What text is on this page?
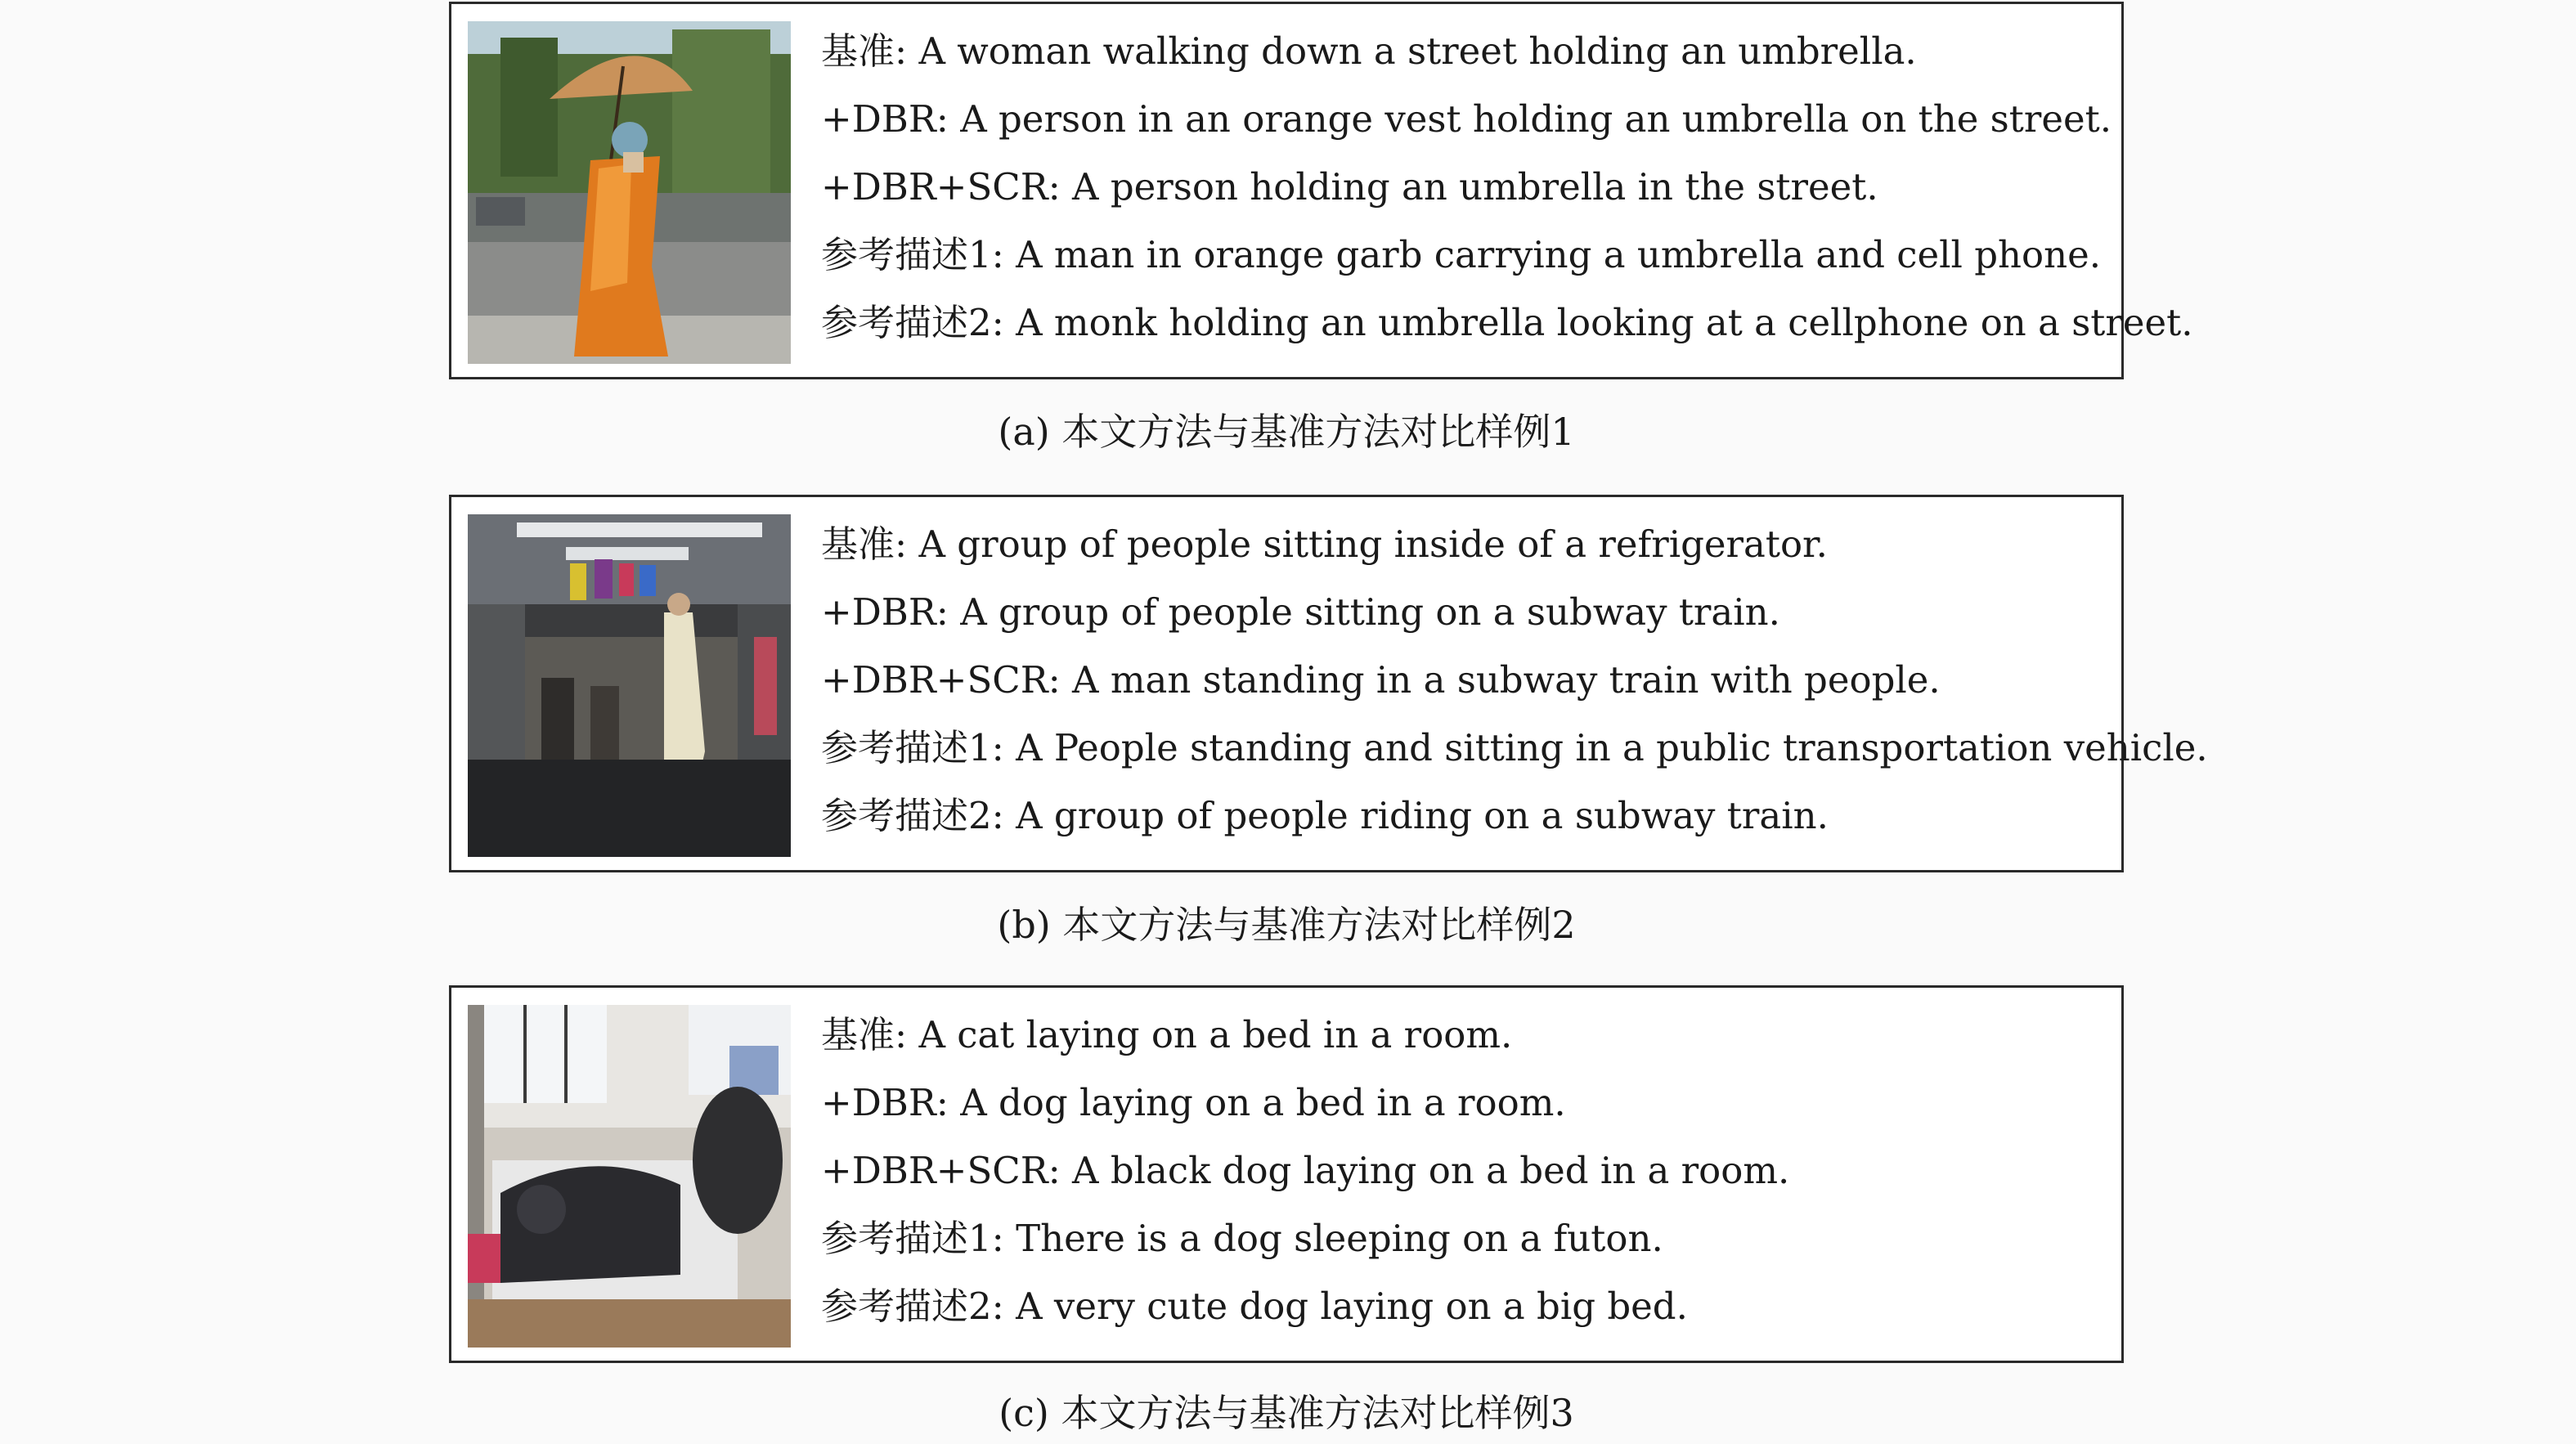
基准: A woman walking down a street holding an umbrella.
+DBR: A person in an orange vest holding an umbrella on the street.
+DBR+SCR: A person holding an umbrella in the street.
参考描述1: A man in orange garb carrying a umbrella and cell phone.
参考描述2: A monk holding an umbrella looking at a cellphone on a street.
(a) 本文方法与基准方法对比样例1
基准: A group of people sitting inside of a refrigerator.
+DBR: A group of people sitting on a subway train.
+DBR+SCR: A man standing in a subway train with people.
参考描述1: A People standing and sitting in a public transportation vehicle.
参考描述2: A group of people riding on a subway train.
(b) 本文方法与基准方法对比样例2
基准: A cat laying on a bed in a room.
+DBR: A dog laying on a bed in a room.
+DBR+SCR: A black dog laying on a bed in a room.
参考描述1: There is a dog sleeping on a futon.
参考描述2: A very cute dog laying on a big bed.
(c) 本文方法与基准方法对比样例3
